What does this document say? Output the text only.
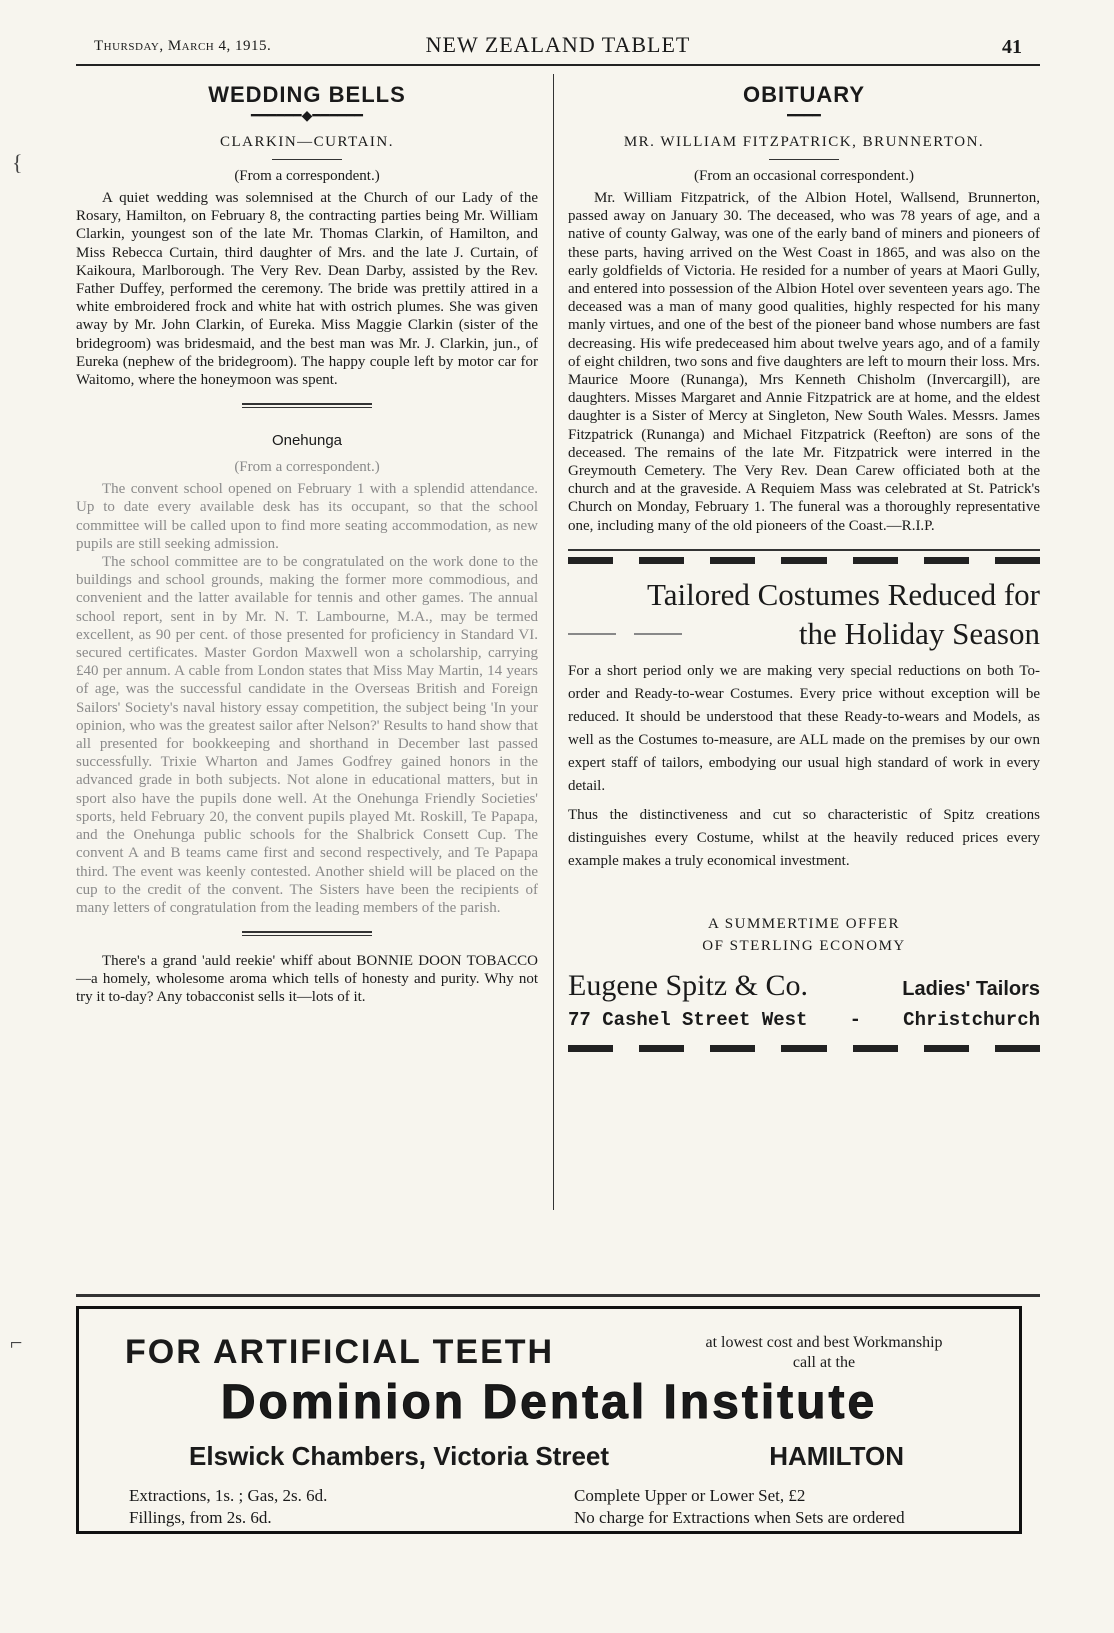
Thursday, March 4, 1915.	NEW ZEALAND TABLET	41
WEDDING BELLS
━━━━━━◆━━━━━━
CLARKIN—CURTAIN.
(From a correspondent.)

A quiet wedding was solemnised at the Church of our Lady of the Rosary, Hamilton, on February 8, the contracting parties being Mr. William Clarkin, youngest son of the late Mr. Thomas Clarkin, of Hamilton, and Miss Rebecca Curtain, third daughter of Mrs. and the late J. Curtain, of Kaikoura, Marlborough. The Very Rev. Dean Darby, assisted by the Rev. Father Duffey, performed the ceremony. The bride was prettily attired in a white embroidered frock and white hat with ostrich plumes. She was given away by Mr. John Clarkin, of Eureka. Miss Maggie Clarkin (sister of the bridegroom) was bridesmaid, and the best man was Mr. J. Clarkin, jun., of Eureka (nephew of the bridegroom). The happy couple left by motor car for Waitomo, where the honeymoon was spent.

Onehunga
(From a correspondent.)

The convent school opened on February 1 with a splendid attendance. Up to date every available desk has its occupant, so that the school committee will be called upon to find more seating accommodation, as new pupils are still seeking admission.

The school committee are to be congratulated on the work done to the buildings and school grounds, making the former more commodious, and convenient and the latter available for tennis and other games. The annual school report, sent in by Mr. N. T. Lambourne, M.A., may be termed excellent, as 90 per cent. of those presented for proficiency in Standard VI. secured certificates. Master Gordon Maxwell won a scholarship, carrying £40 per annum. A cable from London states that Miss May Martin, 14 years of age, was the successful candidate in the Overseas British and Foreign Sailors' Society's naval history essay competition, the subject being 'In your opinion, who was the greatest sailor after Nelson?' Results to hand show that all presented for bookkeeping and shorthand in December last passed successfully. Trixie Wharton and James Godfrey gained honors in the advanced grade in both subjects. Not alone in educational matters, but in sport also have the pupils done well. At the Onehunga Friendly Societies' sports, held February 20, the convent pupils played Mt. Roskill, Te Papapa, and the Onehunga public schools for the Shalbrick Consett Cup. The convent A and B teams came first and second respectively, and Te Papapa third. The event was keenly contested. Another shield will be placed on the cup to the credit of the convent. The Sisters have been the recipients of many letters of congratulation from the leading members of the parish.

There's a grand 'auld reekie' whiff about BONNIE DOON TOBACCO—a homely, wholesome aroma which tells of honesty and purity. Why not try it to-day? Any tobacconist sells it—lots of it.

OBITUARY
━━━━
MR. WILLIAM FITZPATRICK, BRUNNERTON.
(From an occasional correspondent.)

Mr. William Fitzpatrick, of the Albion Hotel, Wallsend, Brunnerton, passed away on January 30. The deceased, who was 78 years of age, and a native of county Galway, was one of the early band of miners and pioneers of these parts, having arrived on the West Coast in 1865, and was also on the early goldfields of Victoria. He resided for a number of years at Maori Gully, and entered into possession of the Albion Hotel over seventeen years ago. The deceased was a man of many good qualities, highly respected for his many manly virtues, and one of the best of the pioneer band whose numbers are fast decreasing. His wife predeceased him about twelve years ago, and of a family of eight children, two sons and five daughters are left to mourn their loss. Mrs. Maurice Moore (Runanga), Mrs Kenneth Chisholm (Invercargill), are daughters. Misses Margaret and Annie Fitzpatrick are at home, and the eldest daughter is a Sister of Mercy at Singleton, New South Wales. Messrs. James Fitzpatrick (Runanga) and Michael Fitzpatrick (Reefton) are sons of the deceased. The remains of the late Mr. Fitzpatrick were interred in the Greymouth Cemetery. The Very Rev. Dean Carew officiated both at the church and at the graveside. A Requiem Mass was celebrated at St. Patrick's Church on Monday, February 1. The funeral was a thoroughly representative one, including many of the old pioneers of the Coast.—R.I.P.

Tailored Costumes Reduced for
the Holiday Season

For a short period only we are making very special reductions on both To-order and Ready-to-wear Costumes. Every price without exception will be reduced. It should be understood that these Ready-to-wears and Models, as well as the Costumes to-measure, are ALL made on the premises by our own expert staff of tailors, embodying our usual high standard of work in every detail.

Thus the distinctiveness and cut so characteristic of Spitz creations distinguishes every Costume, whilst at the heavily reduced prices every example makes a truly economical investment.

A SUMMERTIME OFFER
OF STERLING ECONOMY
Eugene Spitz & Co.	Ladies' Tailors
77 Cashel Street West - Christchurch
FOR ARTIFICIAL TEETH	at lowest cost and best Workmanship
call at the
Dominion Dental Institute
Elswick Chambers, Victoria Street	HAMILTON
Extractions, 1s. ; Gas, 2s. 6d.
Fillings, from 2s. 6d.
Complete Upper or Lower Set, £2
No charge for Extractions when Sets are ordered
{
⌐
